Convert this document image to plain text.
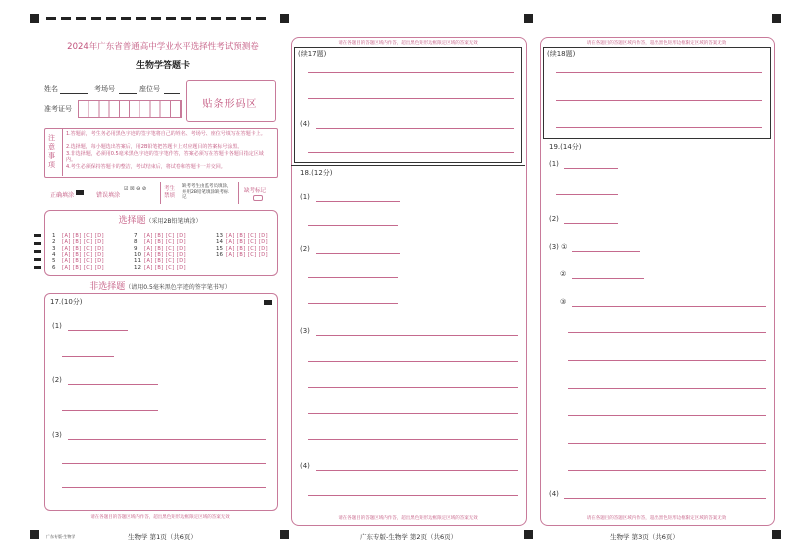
2024年广东省普通高中学业水平选择性考试预测卷
生物学答题卡
姓名	考场号	座位号
准考证号	贴条形码区
注意事项
1.答题前，考生务必用黑色字迹的签字笔将自己的姓名、考场号、座位号填写在答题卡上。
2.选择题，每小题选出答案后，用2B铅笔把答题卡上对应题目的答案标号涂黑。
3.非选择题，必须用0.5毫米黑色字迹的签字笔作答，答案必须写在答题卡各题目指定区域内。
4.考生必须保持答题卡的整洁，考试结束后，将试卷和答题卡一并交回。
正确填涂	错误填涂
☑ ☒ ⊖ ⊘	考生禁填
缺考考生由监考员填涂，并用2B铅笔填涂缺考标记
缺考标记
选择题（采用2B铅笔填涂）
1 [A] [B] [C] [D]
2 [A] [B] [C] [D]
3 [A] [B] [C] [D]
4 [A] [B] [C] [D]
5 [A] [B] [C] [D]
6 [A] [B] [C] [D]
7 [A] [B] [C] [D]
8 [A] [B] [C] [D]
9 [A] [B] [C] [D]
10 [A] [B] [C] [D]
11 [A] [B] [C] [D]
12 [A] [B] [C] [D]
13 [A] [B] [C] [D]
14 [A] [B] [C] [D]
15 [A] [B] [C] [D]
16 [A] [B] [C] [D]
非选择题（请用0.5毫米黑色字迹的签字笔书写）
17.(10分)
(1)
(2)
(3)
请在各题目的答题区域内作答，超出黑色矩形边框限定区域的答案无效
广东专版·生物学	生物学 第1页（共6页）
请在各题目的答题区域内作答，超出黑色矩形边框限定区域的答案无效
(续17题)
(4)
18.(12分)
(1)
(2)
(3)
(4)
请在各题目的答题区域内作答，超出黑色矩形边框限定区域的答案无效
广东专版-生物学 第2页（共6页）
请在各题目的答题区域内作答，超出黑色矩形边框限定区域的答案无效
(续18题)
19.(14分)
(1)
(2)
(3) ①
②
③
(4)
请在各题目的答题区域内作答，超出黑色矩形边框限定区域的答案无效
生物学 第3页（共6页）
